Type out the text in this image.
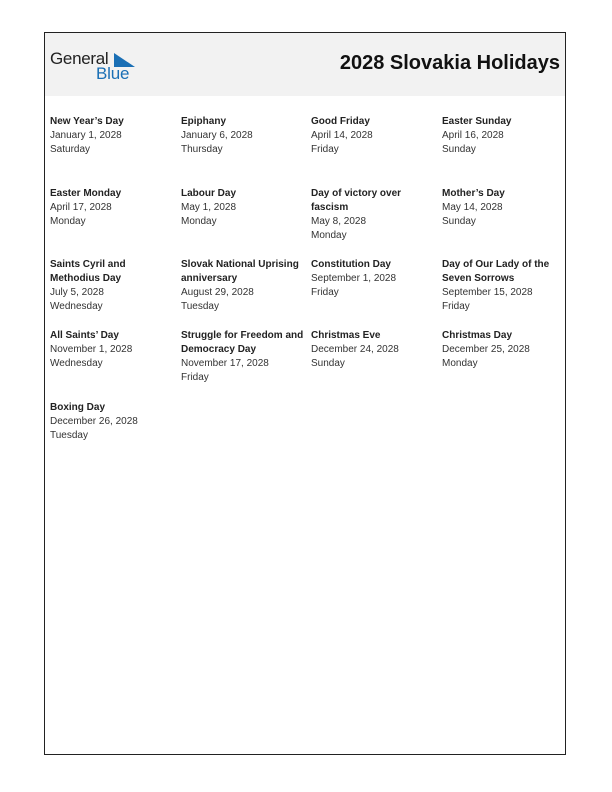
General
Blue	2028 Slovakia Holidays
New Year’s Day
January 1, 2028
Saturday
Epiphany
January 6, 2028
Thursday
Good Friday
April 14, 2028
Friday
Easter Sunday
April 16, 2028
Sunday
Easter Monday
April 17, 2028
Monday
Labour Day
May 1, 2028
Monday
Day of victory over fascism
May 8, 2028
Monday
Mother’s Day
May 14, 2028
Sunday
Saints Cyril and Methodius Day
July 5, 2028
Wednesday
Slovak National Uprising anniversary
August 29, 2028
Tuesday
Constitution Day
September 1, 2028
Friday
Day of Our Lady of the Seven Sorrows
September 15, 2028
Friday
All Saints’ Day
November 1, 2028
Wednesday
Struggle for Freedom and Democracy Day
November 17, 2028
Friday
Christmas Eve
December 24, 2028
Sunday
Christmas Day
December 25, 2028
Monday
Boxing Day
December 26, 2028
Tuesday
